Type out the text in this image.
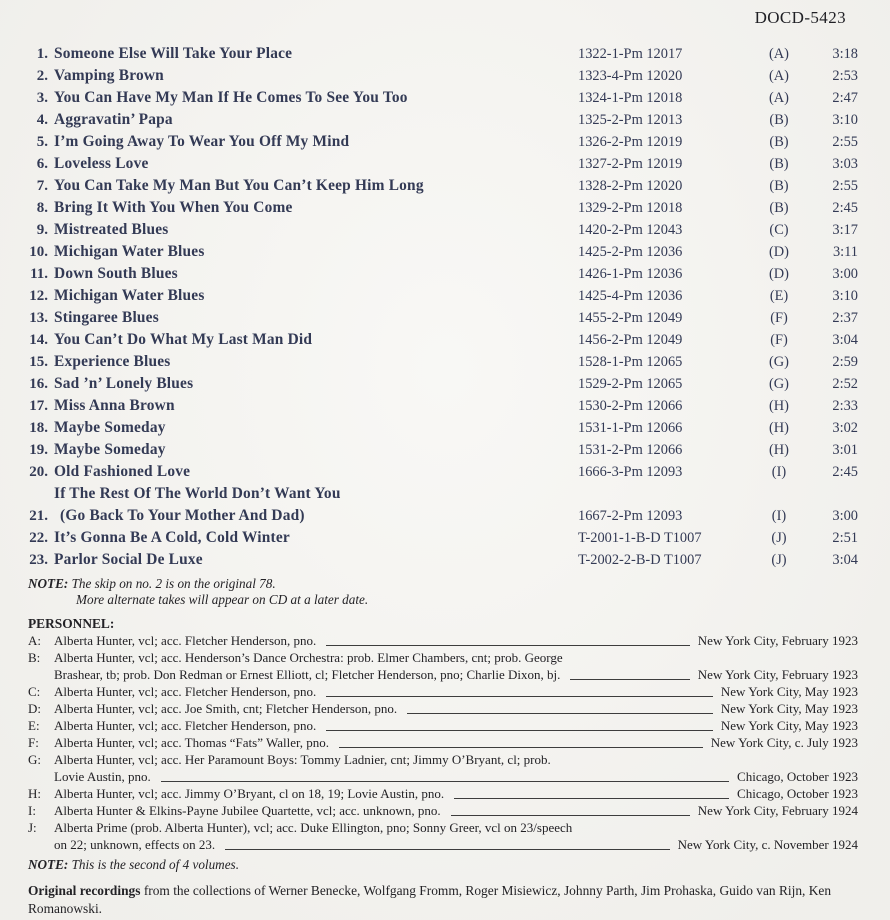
DOCD-5423
1. Someone Else Will Take Your Place	1322-1-Pm 12017	(A)	3:18
2. Vamping Brown	1323-4-Pm 12020	(A)	2:53
3. You Can Have My Man If He Comes To See You Too	1324-1-Pm 12018	(A)	2:47
4. Aggravatin’ Papa	1325-2-Pm 12013	(B)	3:10
5. I’m Going Away To Wear You Off My Mind	1326-2-Pm 12019	(B)	2:55
6. Loveless Love	1327-2-Pm 12019	(B)	3:03
7. You Can Take My Man But You Can’t Keep Him Long	1328-2-Pm 12020	(B)	2:55
8. Bring It With You When You Come	1329-2-Pm 12018	(B)	2:45
9. Mistreated Blues	1420-2-Pm 12043	(C)	3:17
10. Michigan Water Blues	1425-2-Pm 12036	(D)	3:11
11. Down South Blues	1426-1-Pm 12036	(D)	3:00
12. Michigan Water Blues	1425-4-Pm 12036	(E)	3:10
13. Stingaree Blues	1455-2-Pm 12049	(F)	2:37
14. You Can’t Do What My Last Man Did	1456-2-Pm 12049	(F)	3:04
15. Experience Blues	1528-1-Pm 12065	(G)	2:59
16. Sad ’n’ Lonely Blues	1529-2-Pm 12065	(G)	2:52
17. Miss Anna Brown	1530-2-Pm 12066	(H)	2:33
18. Maybe Someday	1531-1-Pm 12066	(H)	3:02
19. Maybe Someday	1531-2-Pm 12066	(H)	3:01
20. Old Fashioned Love	1666-3-Pm 12093	(I)	2:45
21.
If The Rest Of The World Don’t Want You
(Go Back To Your Mother And Dad)	1667-2-Pm 12093	(I)	3:00
22. It’s Gonna Be A Cold, Cold Winter	T-2001-1-B-D T1007	(J)	2:51
23. Parlor Social De Luxe	T-2002-2-B-D T1007	(J)	3:04
NOTE: The skip on no. 2 is on the original 78.
More alternate takes will appear on CD at a later date.
PERSONNEL:
A:	Alberta Hunter, vcl; acc. Fletcher Henderson, pno.	New York City, February 1923
B:	Alberta Hunter, vcl; acc. Henderson’s Dance Orchestra: prob. Elmer Chambers, cnt; prob. George
Brashear, tb; prob. Don Redman or Ernest Elliott, cl; Fletcher Henderson, pno; Charlie Dixon, bj.	New York City, February 1923
C:	Alberta Hunter, vcl; acc. Fletcher Henderson, pno.	New York City, May 1923
D:	Alberta Hunter, vcl; acc. Joe Smith, cnt; Fletcher Henderson, pno.	New York City, May 1923
E:	Alberta Hunter, vcl; acc. Fletcher Henderson, pno.	New York City, May 1923
F:	Alberta Hunter, vcl; acc. Thomas “Fats” Waller, pno.	New York City, c. July 1923
G:	Alberta Hunter, vcl; acc. Her Paramount Boys: Tommy Ladnier, cnt; Jimmy O’Bryant, cl; prob.
Lovie Austin, pno.	Chicago, October 1923
H:	Alberta Hunter, vcl; acc. Jimmy O’Bryant, cl on 18, 19; Lovie Austin, pno.	Chicago, October 1923
I:	Alberta Hunter & Elkins-Payne Jubilee Quartette, vcl; acc. unknown, pno.	New York City, February 1924
J:	Alberta Prime (prob. Alberta Hunter), vcl; acc. Duke Ellington, pno; Sonny Greer, vcl on 23/speech
on 22; unknown, effects on 23.	New York City, c. November 1924
NOTE: This is the second of 4 volumes.
Original recordings from the collections of Werner Benecke, Wolfgang Fromm, Roger Misiewicz, Johnny Parth, Jim Prohaska, Guido van Rijn, Ken Romanowski.
